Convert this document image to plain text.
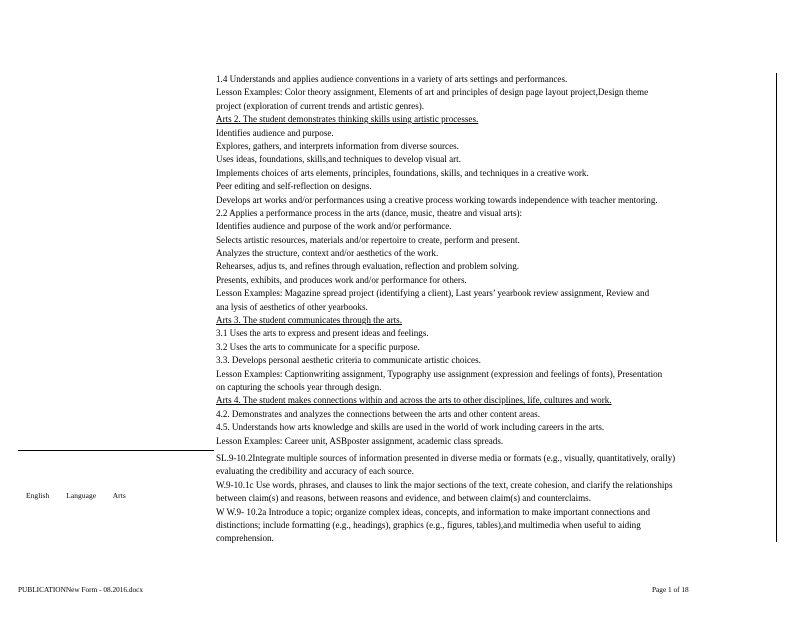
1.4 Understands and applies audience conventions in a variety of arts settings and performances.
Lesson Examples: Color theory assignment, Elements of art and principles of design page layout project,Design theme
project (exploration of current trends and artistic genres).
Arts 2. The student demonstrates thinking skills using artistic processes.
Identifies audience and purpose.
Explores, gathers, and interprets information from diverse sources.
Uses ideas, foundations, skills,and techniques to develop visual art.
Implements choices of arts elements, principles, foundations, skills, and techniques in a creative work.
Peer editing and self-reflection on designs.
Develops art works and/or performances using a creative process working towards independence with teacher mentoring.
2.2 Applies a performance process in the arts (dance, music, theatre and visual arts):
Identifies audience and purpose of the work and/or performance.
Selects artistic resources, materials and/or repertoire to create, perform and present.
Analyzes the structure, context and/or aesthetics of the work.
Rehearses, adjus ts, and refines through evaluation, reflection and problem solving.
Presents, exhibits, and produces work and/or performance for others.
Lesson Examples: Magazine spread project (identifying a client), Last years’ yearbook review assignment, Review and
ana lysis of aesthetics of other yearbooks.
Arts 3. The student communicates through the arts.
3.1 Uses the arts to express and present ideas and feelings.
3.2 Uses the arts to communicate for a specific purpose.
3.3. Develops personal aesthetic criteria to communicate artistic choices.
Lesson Examples: Captionwriting assignment, Typography use assignment (expression and feelings of fonts), Presentation
on capturing the schools year through design.
Arts 4. The student makes connections within and across the arts to other disciplines, life, cultures and work.
4.2. Demonstrates and analyzes the connections between the arts and other content areas.
4.5. Understands how arts knowledge and skills are used in the world of work including careers in the arts.
Lesson Examples: Career unit, ASBposter assignment, academic class spreads.
English Language Arts
SL.9-10.2Integrate multiple sources of information presented in diverse media or formats (e.g., visually, quantitatively, orally)
evaluating the credibility and accuracy of each source.
W.9-10.1c Use words, phrases, and clauses to link the major sections of the text, create cohesion, and clarify the relationships
between claim(s) and reasons, between reasons and evidence, and between claim(s) and counterclaims.
W W.9- 10.2a Introduce a topic; organize complex ideas, concepts, and information to make important connections and
distinctions; include formatting (e.g., headings), graphics (e.g., figures, tables),and multimedia when useful to aiding
comprehension.
PUBLICATIONNew Form - 08.2016.docx	Page 1 of 18
